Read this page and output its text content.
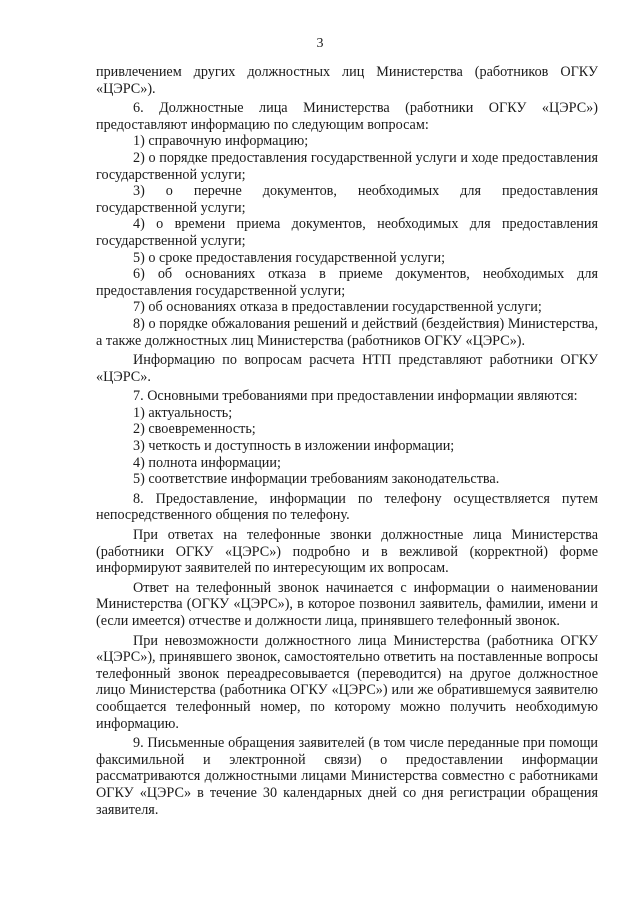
3

привлечением других должностных лиц Министерства (работников ОГКУ «ЦЭРС»).

6. Должностные лица Министерства (работники ОГКУ «ЦЭРС») предоставляют информацию по следующим вопросам:

1) справочную информацию;

2) о порядке предоставления государственной услуги и ходе предоставления государственной услуги;

3) о перечне документов, необходимых для предоставления государственной услуги;

4) о времени приема документов, необходимых для предоставления государственной услуги;

5) о сроке предоставления государственной услуги;

6) об основаниях отказа в приеме документов, необходимых для предоставления государственной услуги;

7) об основаниях отказа в предоставлении государственной услуги;

8) о порядке обжалования решений и действий (бездействия) Министерства, а также должностных лиц Министерства (работников ОГКУ «ЦЭРС»).

Информацию по вопросам расчета НТП представляют работники ОГКУ «ЦЭРС».

7. Основными требованиями при предоставлении информации являются:

1) актуальность;

2) своевременность;

3) четкость и доступность в изложении информации;

4) полнота информации;

5) соответствие информации требованиям законодательства.

8. Предоставление, информации по телефону осуществляется путем непосредственного общения по телефону.

При ответах на телефонные звонки должностные лица Министерства (работники ОГКУ «ЦЭРС») подробно и в вежливой (корректной) форме информируют заявителей по интересующим их вопросам.

Ответ на телефонный звонок начинается с информации о наименовании Министерства (ОГКУ «ЦЭРС»), в которое позвонил заявитель, фамилии, имени и (если имеется) отчестве и должности лица, принявшего телефонный звонок.

При невозможности должностного лица Министерства (работника ОГКУ «ЦЭРС»), принявшего звонок, самостоятельно ответить на поставленные вопросы телефонный звонок переадресовывается (переводится) на другое должностное лицо Министерства (работника ОГКУ «ЦЭРС») или же обратившемуся заявителю сообщается телефонный номер, по которому можно получить необходимую информацию.

9. Письменные обращения заявителей (в том числе переданные при помощи факсимильной и электронной связи) о предоставлении информации рассматриваются должностными лицами Министерства совместно с работниками ОГКУ «ЦЭРС» в течение 30 календарных дней со дня регистрации обращения заявителя.
